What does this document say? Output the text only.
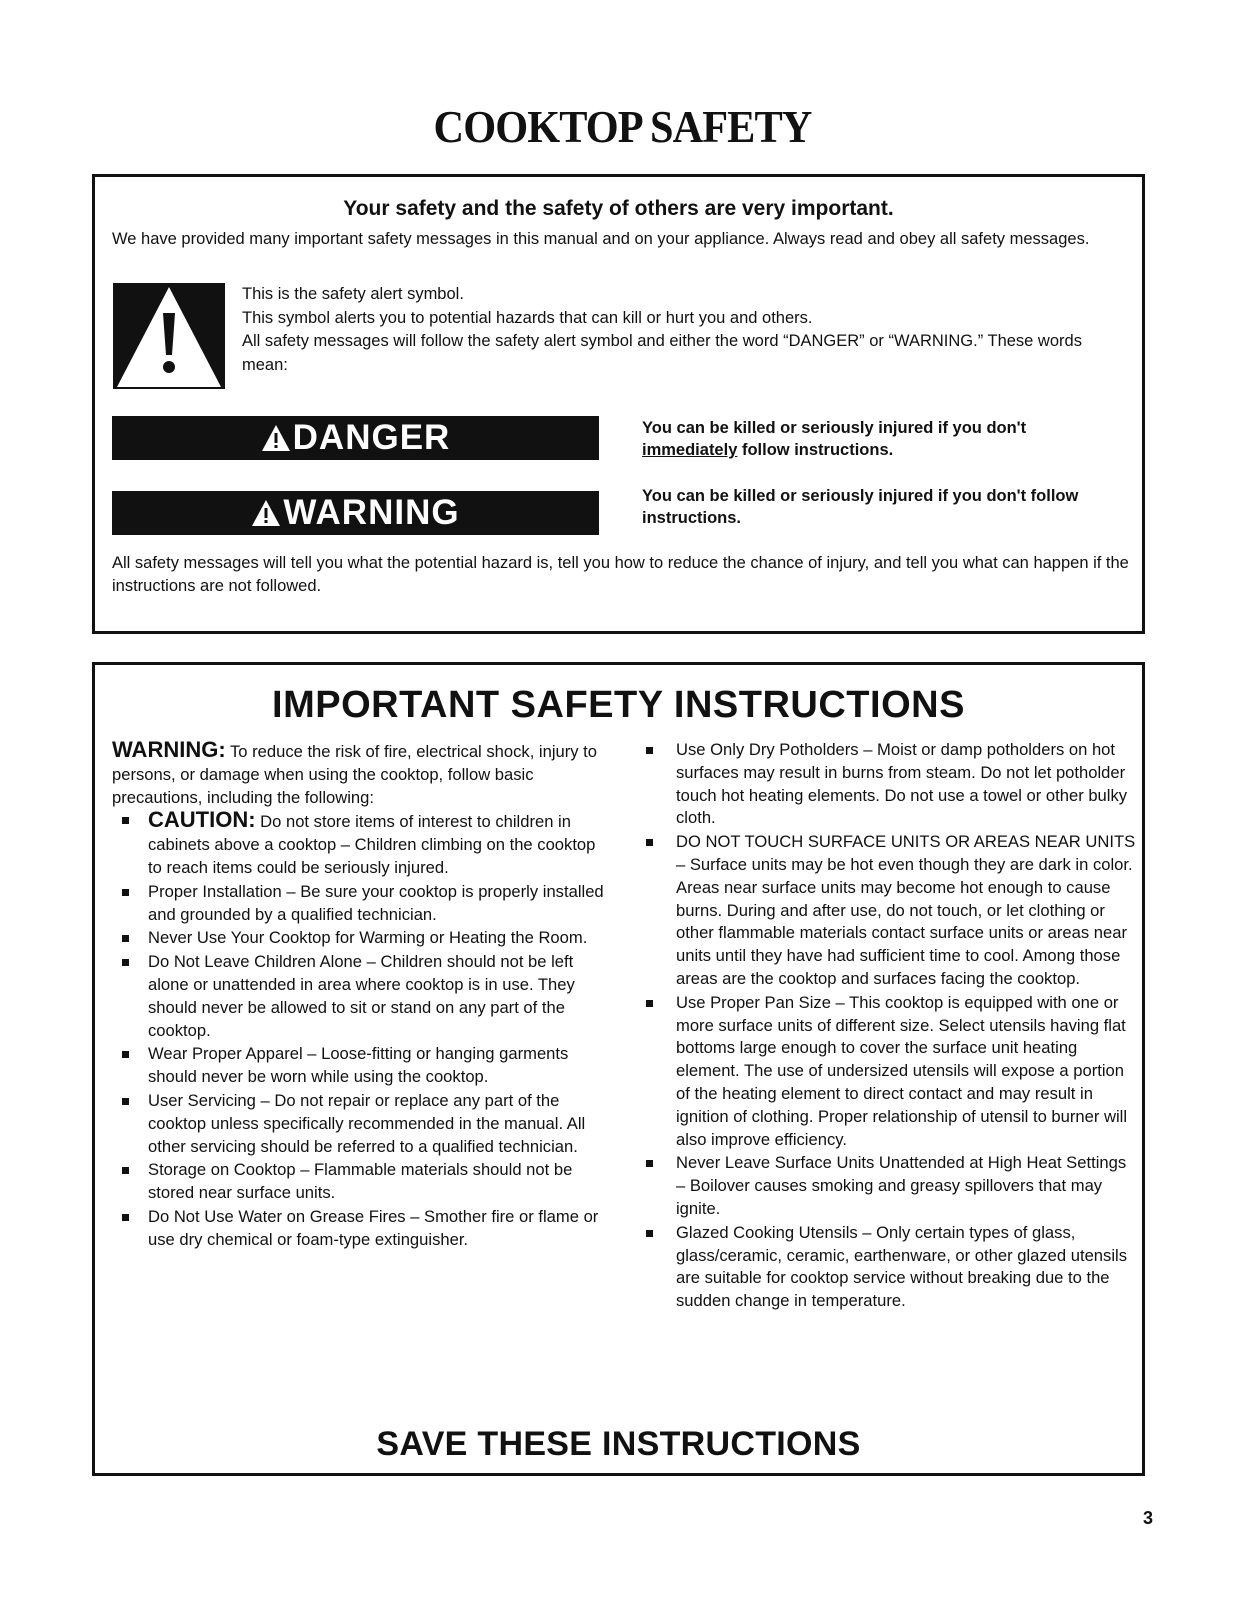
COOKTOP SAFETY
Your safety and the safety of others are very important.
We have provided many important safety messages in this manual and on your appliance. Always read and obey all safety messages.
This is the safety alert symbol.
This symbol alerts you to potential hazards that can kill or hurt you and others.
All safety messages will follow the safety alert symbol and either the word “DANGER” or “WARNING.” These words mean:
DANGER	You can be killed or seriously injured if you don't
immediately follow instructions.
WARNING	You can be killed or seriously injured if you don't follow instructions.
All safety messages will tell you what the potential hazard is, tell you how to reduce the chance of injury, and tell you what can happen if the instructions are not followed.
IMPORTANT SAFETY INSTRUCTIONS
WARNING: To reduce the risk of fire, electrical shock, injury to persons, or damage when using the cooktop, follow basic precautions, including the following:
CAUTION: Do not store items of interest to children in cabinets above a cooktop – Children climbing on the cooktop to reach items could be seriously injured.
Proper Installation – Be sure your cooktop is properly installed and grounded by a qualified technician.
Never Use Your Cooktop for Warming or Heating the Room.
Do Not Leave Children Alone – Children should not be left alone or unattended in area where cooktop is in use. They should never be allowed to sit or stand on any part of the cooktop.
Wear Proper Apparel – Loose-fitting or hanging garments should never be worn while using the cooktop.
User Servicing – Do not repair or replace any part of the cooktop unless specifically recommended in the manual. All other servicing should be referred to a qualified technician.
Storage on Cooktop – Flammable materials should not be stored near surface units.
Do Not Use Water on Grease Fires – Smother fire or flame or use dry chemical or foam-type extinguisher.
Use Only Dry Potholders – Moist or damp potholders on hot surfaces may result in burns from steam. Do not let potholder touch hot heating elements. Do not use a towel or other bulky cloth.
DO NOT TOUCH SURFACE UNITS OR AREAS NEAR UNITS – Surface units may be hot even though they are dark in color. Areas near surface units may become hot enough to cause burns. During and after use, do not touch, or let clothing or other flammable materials contact surface units or areas near units until they have had sufficient time to cool. Among those areas are the cooktop and surfaces facing the cooktop.
Use Proper Pan Size – This cooktop is equipped with one or more surface units of different size. Select utensils having flat bottoms large enough to cover the surface unit heating element. The use of undersized utensils will expose a portion of the heating element to direct contact and may result in ignition of clothing. Proper relationship of utensil to burner will also improve efficiency.
Never Leave Surface Units Unattended at High Heat Settings – Boilover causes smoking and greasy spillovers that may ignite.
Glazed Cooking Utensils – Only certain types of glass, glass/ceramic, ceramic, earthenware, or other glazed utensils are suitable for cooktop service without breaking due to the sudden change in temperature.
SAVE THESE INSTRUCTIONS
3
